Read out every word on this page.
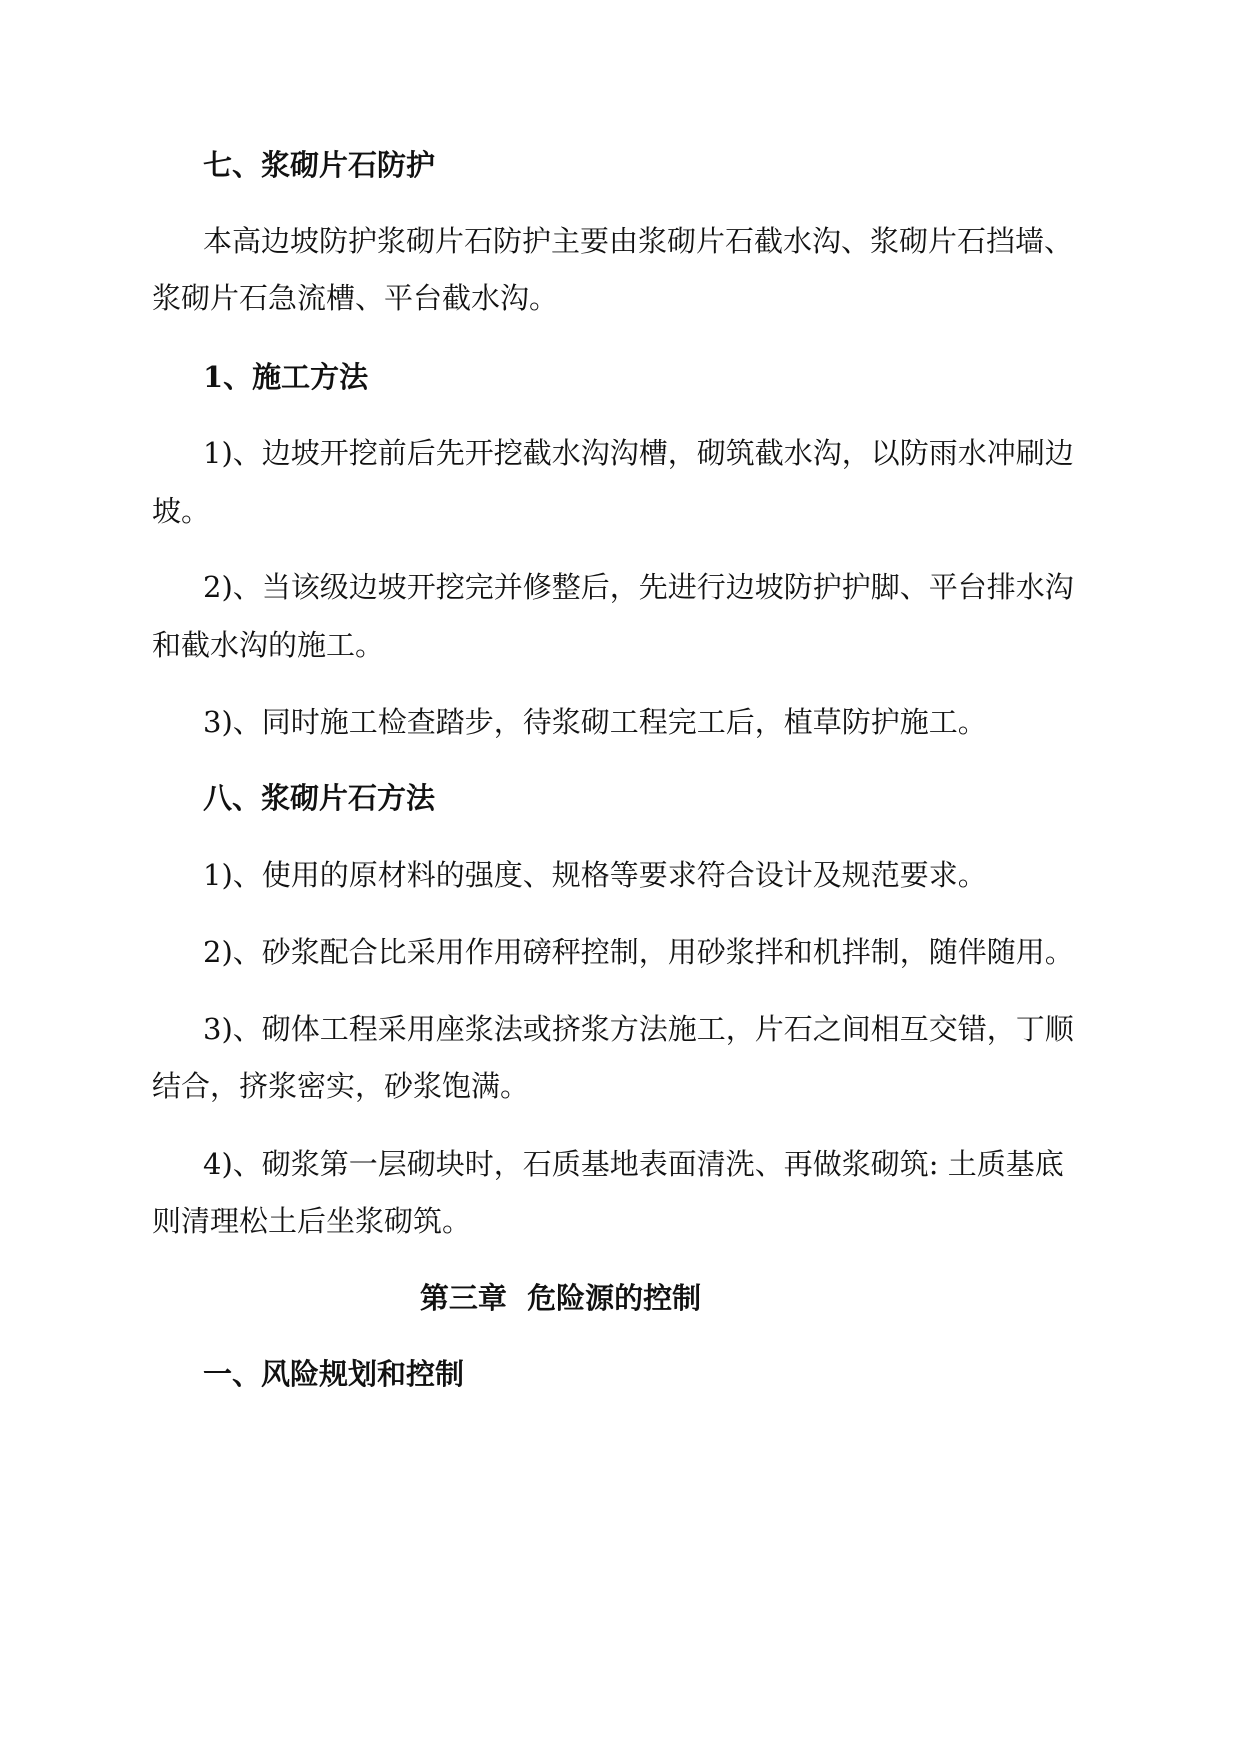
七、浆砌片石防护
本高边坡防护浆砌片石防护主要由浆砌片石截水沟、浆砌片石挡墙、
浆砌片石急流槽、平台截水沟。
1、施工方法
1)、边坡开挖前后先开挖截水沟沟槽，砌筑截水沟，以防雨水冲刷边
坡。
2)、当该级边坡开挖完并修整后，先进行边坡防护护脚、平台排水沟
和截水沟的施工。
3)、同时施工检查踏步，待浆砌工程完工后，植草防护施工。
八、浆砌片石方法
1)、使用的原材料的强度、规格等要求符合设计及规范要求。
2)、砂浆配合比采用作用磅秤控制，用砂浆拌和机拌制，随伴随用。
3)、砌体工程采用座浆法或挤浆方法施工，片石之间相互交错，丁顺
结合，挤浆密实，砂浆饱满。
4)、砌浆第一层砌块时，石质基地表面清洗、再做浆砌筑: 土质基底
则清理松土后坐浆砌筑。
第三章  危险源的控制
一、风险规划和控制
